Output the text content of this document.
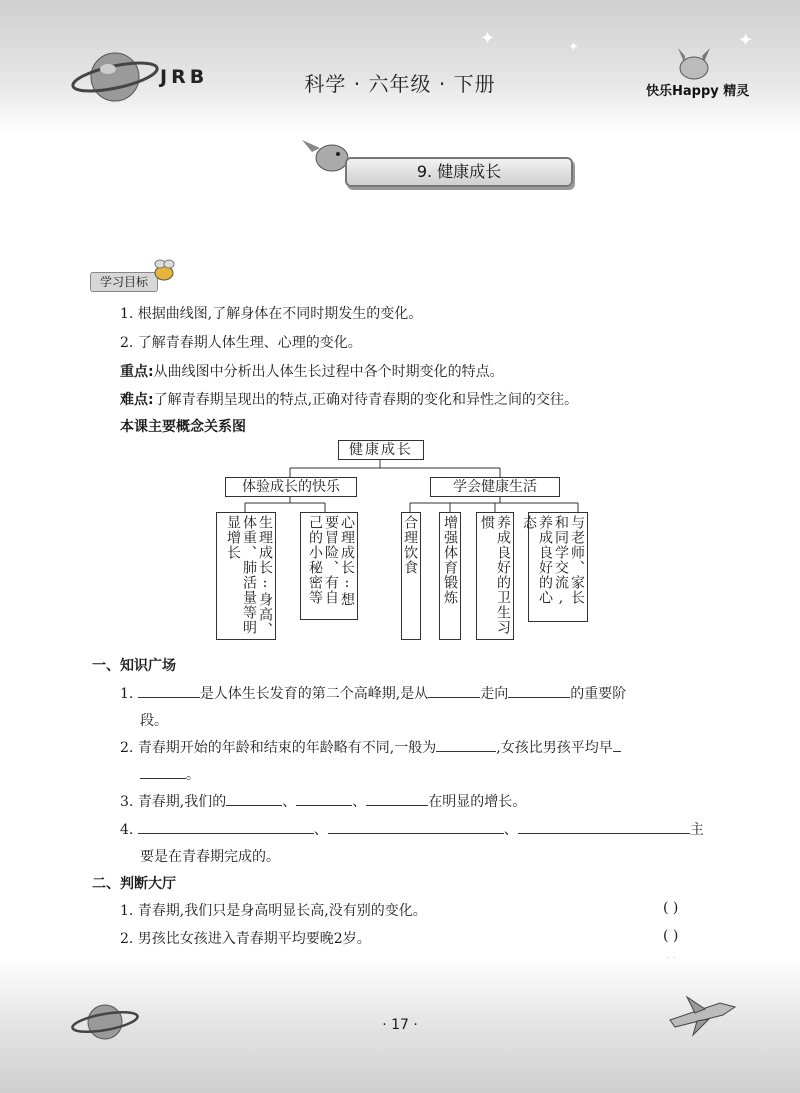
JRB	科学 · 六年级 · 下册	快乐Happy 精灵
✦	✦
✦
9. 健康成长
学习目标
1. 根据曲线图,了解身体在不同时期发生的变化。
2. 了解青春期人体生理、心理的变化。
重点:从曲线图中分析出人体生长过程中各个时期变化的特点。
难点:了解青春期呈现出的特点,正确对待青春期的变化和异性之间的交往。
本课主要概念关系图
健康成长
体验成长的快乐	学会健康生活
生理成长:身高、体重、肺活量等明显增长	心理成长:想要冒险、有自己的小秘密等	合理饮食 增强体育锻炼	养成良好的卫生习惯	与老师、家长和同学交流,养成良好的心态
一、知识广场
1.	是人体生长发育的第二个高峰期,是从	走向	的重要阶
段。
2. 青春期开始的年龄和结束的年龄略有不同,一般为	,女孩比男孩平均早
。
3. 青春期,我们的	、	、	在明显的增长。
4.	、	、	主
要是在青春期完成的。
二、判断大厅
1. 青春期,我们只是身高明显长高,没有别的变化。	( )
2. 男孩比女孩进入青春期平均要晚2岁。	( )
· 17 ·
